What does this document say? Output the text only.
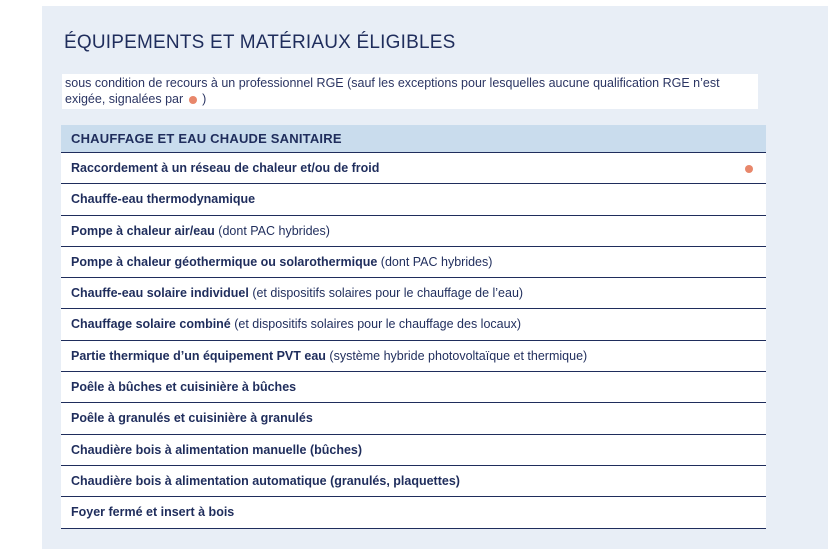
ÉQUIPEMENTS ET MATÉRIAUX ÉLIGIBLES
sous condition de recours à un professionnel RGE (sauf les exceptions pour lesquelles aucune qualification RGE n’est exigée, signalées par )
CHAUFFAGE ET EAU CHAUDE SANITAIRE
Raccordement à un réseau de chaleur et/ou de froid
Chauffe-eau thermodynamique
Pompe à chaleur air/eau (dont PAC hybrides)
Pompe à chaleur géothermique ou solarothermique (dont PAC hybrides)
Chauffe-eau solaire individuel (et dispositifs solaires pour le chauffage de l’eau)
Chauffage solaire combiné (et dispositifs solaires pour le chauffage des locaux)
Partie thermique d’un équipement PVT eau (système hybride photovoltaïque et thermique)
Poêle à bûches et cuisinière à bûches
Poêle à granulés et cuisinière à granulés
Chaudière bois à alimentation manuelle (bûches)
Chaudière bois à alimentation automatique (granulés, plaquettes)
Foyer fermé et insert à bois
